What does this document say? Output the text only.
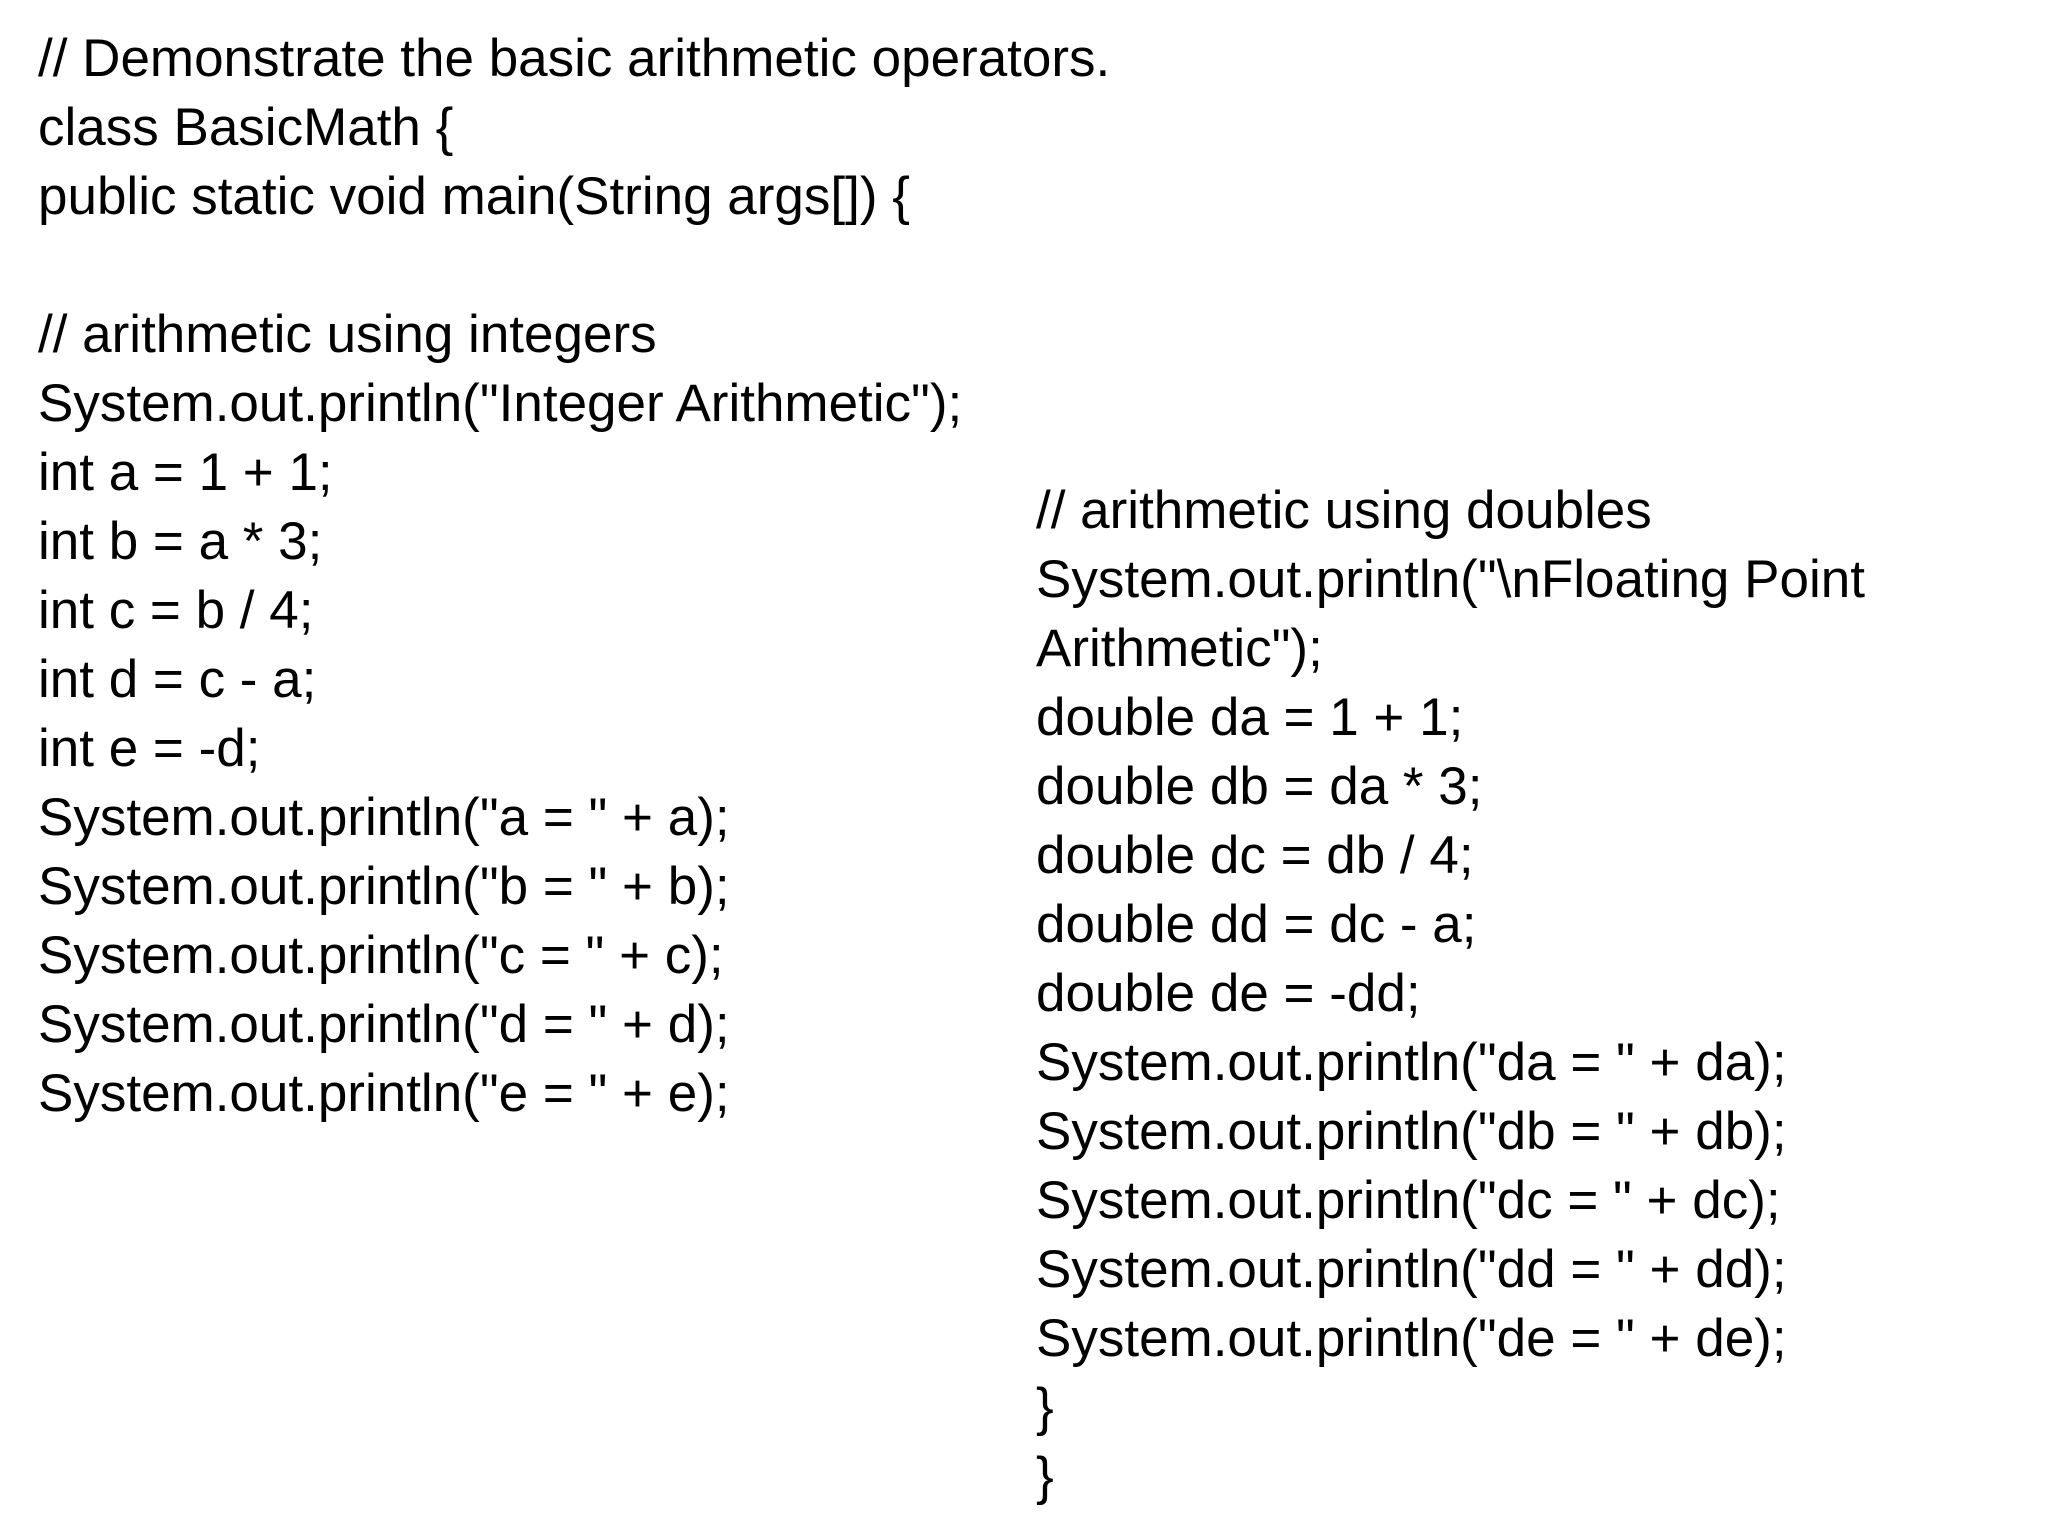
// Demonstrate the basic arithmetic operators.
class BasicMath {
public static void main(String args[]) {
// arithmetic using integers
System.out.println("Integer Arithmetic");
int a = 1 + 1;
int b = a * 3;
int c = b / 4;
int d = c - a;
int e = -d;
System.out.println("a = " + a);
System.out.println("b = " + b);
System.out.println("c = " + c);
System.out.println("d = " + d);
System.out.println("e = " + e);
// arithmetic using doubles
System.out.println("\nFloating Point
Arithmetic");
double da = 1 + 1;
double db = da * 3;
double dc = db / 4;
double dd = dc - a;
double de = -dd;
System.out.println("da = " + da);
System.out.println("db = " + db);
System.out.println("dc = " + dc);
System.out.println("dd = " + dd);
System.out.println("de = " + de);
}
}
